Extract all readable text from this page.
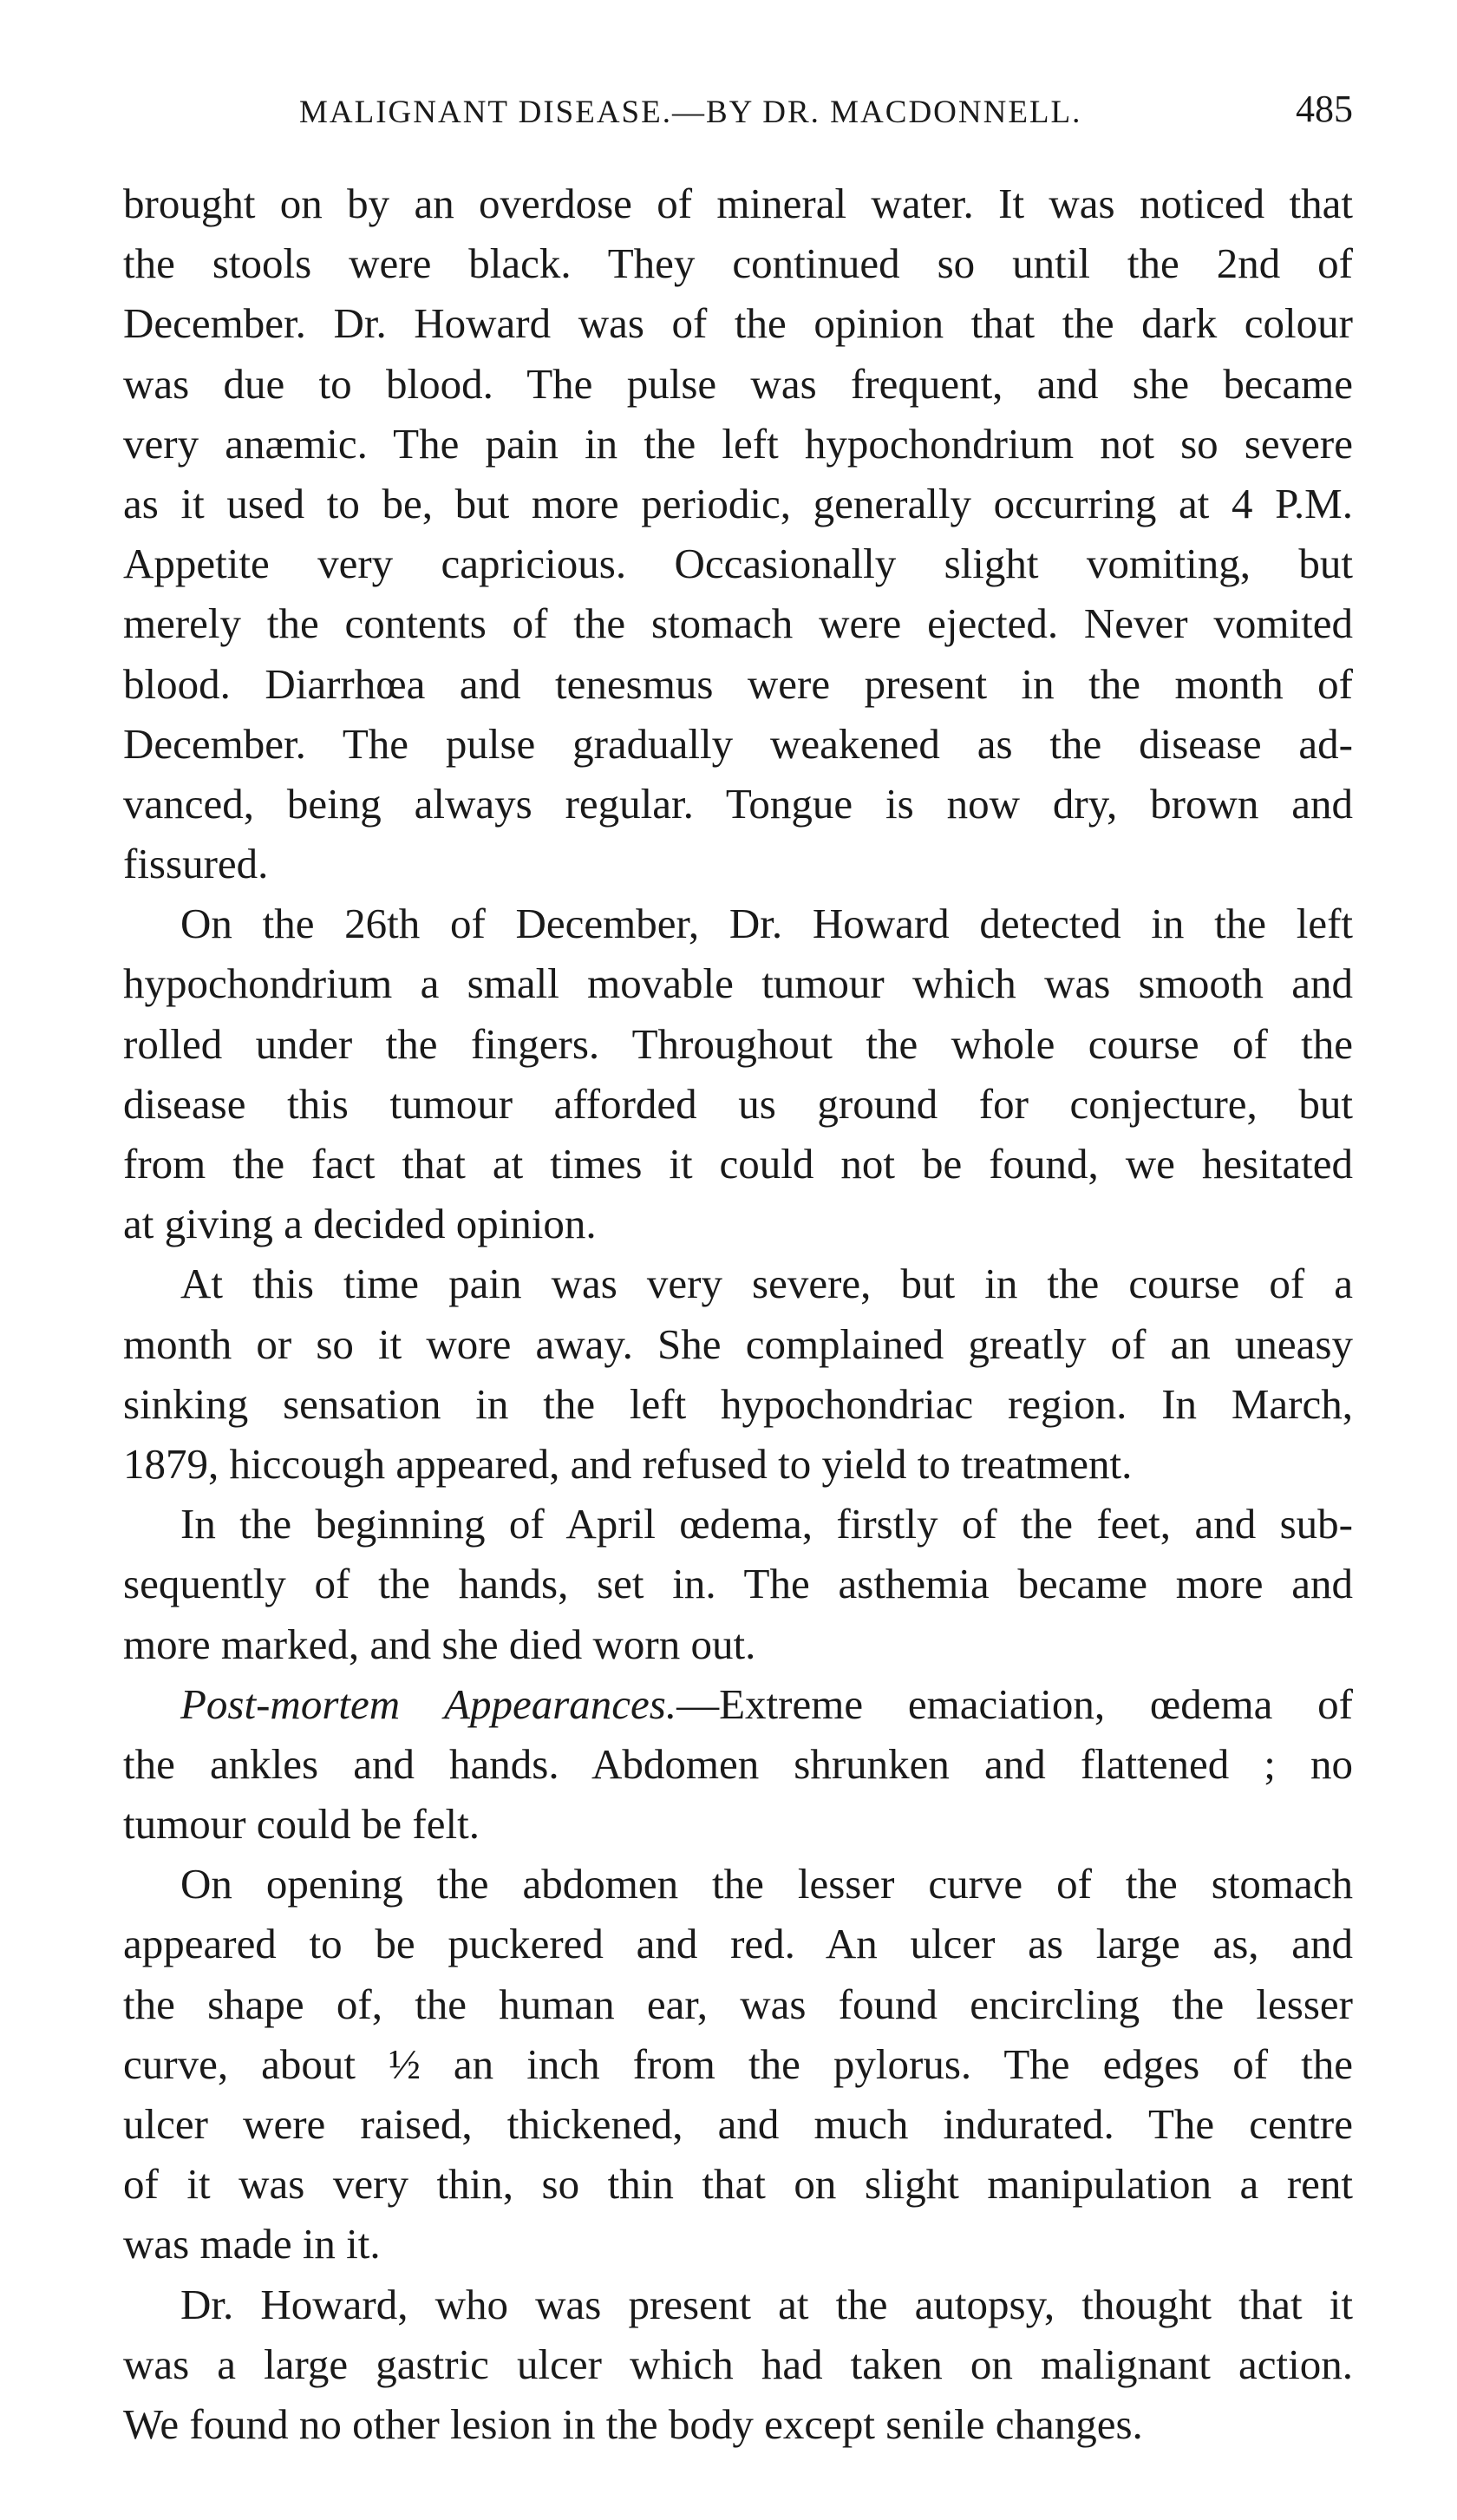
MALIGNANT DISEASE.—BY DR. MACDONNELL.	485
brought on by an overdose of mineral water. It was noticed that
the stools were black. They continued so until the 2nd of
December. Dr. Howard was of the opinion that the dark colour
was due to blood. The pulse was frequent, and she became
very anæmic. The pain in the left hypochondrium not so severe
as it used to be, but more periodic, generally occurring at 4 P.M.
Appetite very capricious. Occasionally slight vomiting, but
merely the contents of the stomach were ejected. Never vomited
blood. Diarrhœa and tenesmus were present in the month of
December. The pulse gradually weakened as the disease ad-
vanced, being always regular. Tongue is now dry, brown and
fissured.
On the 26th of December, Dr. Howard detected in the left
hypochondrium a small movable tumour which was smooth and
rolled under the fingers. Throughout the whole course of the
disease this tumour afforded us ground for conjecture, but
from the fact that at times it could not be found, we hesitated
at giving a decided opinion.
At this time pain was very severe, but in the course of a
month or so it wore away. She complained greatly of an uneasy
sinking sensation in the left hypochondriac region. In March,
1879, hiccough appeared, and refused to yield to treatment.
In the beginning of April œdema, firstly of the feet, and sub-
sequently of the hands, set in. The asthemia became more and
more marked, and she died worn out.
Post-mortem Appearances.—Extreme emaciation, œdema of
the ankles and hands. Abdomen shrunken and flattened ; no
tumour could be felt.
On opening the abdomen the lesser curve of the stomach
appeared to be puckered and red. An ulcer as large as, and
the shape of, the human ear, was found encircling the lesser
curve, about ½ an inch from the pylorus. The edges of the
ulcer were raised, thickened, and much indurated. The centre
of it was very thin, so thin that on slight manipulation a rent
was made in it.
Dr. Howard, who was present at the autopsy, thought that it
was a large gastric ulcer which had taken on malignant action.
We found no other lesion in the body except senile changes.
